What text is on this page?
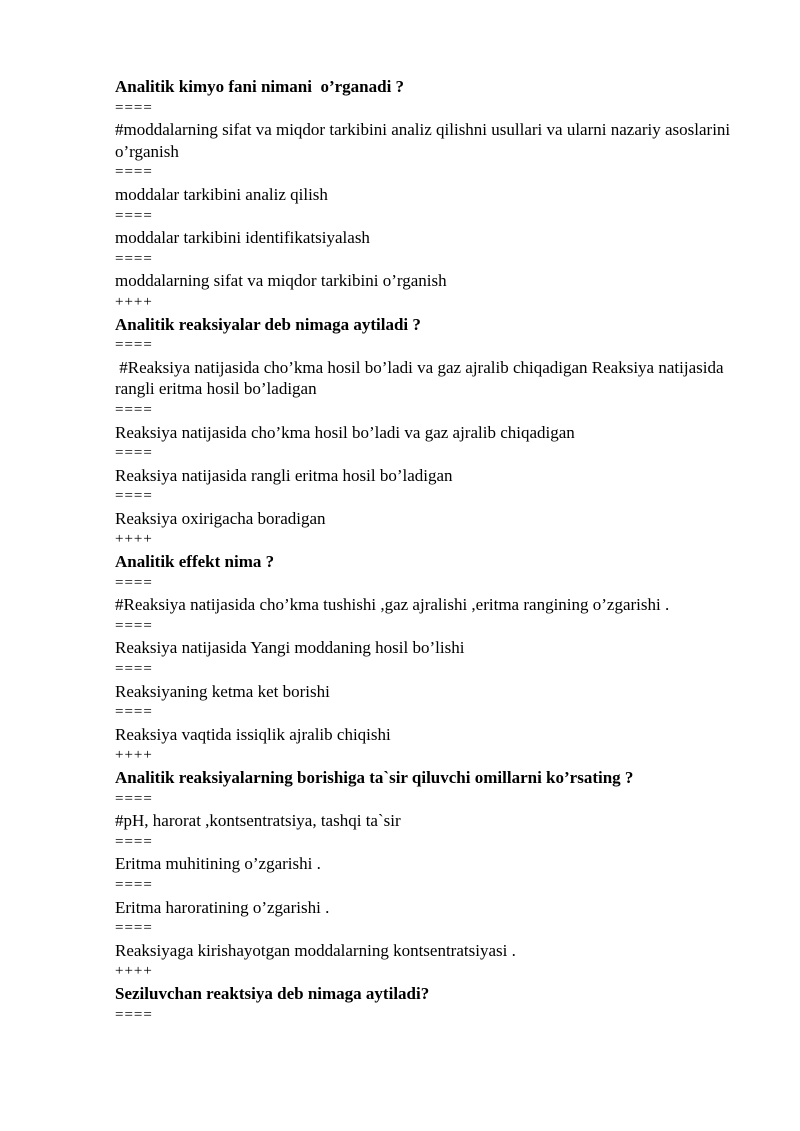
Analitik kimyo fani nimani  o’rganadi ?

====

#moddalarning sifat va miqdor tarkibini analiz qilishni usullari va ularni nazariy asoslarini o’rganish

====

moddalar tarkibini analiz qilish

====

moddalar tarkibini identifikatsiyalash

====

moddalarning sifat va miqdor tarkibini o’rganish

++++

Analitik reaksiyalar deb nimaga aytiladi ?

====

#Reaksiya natijasida cho’kma hosil bo’ladi va gaz ajralib chiqadigan Reaksiya natijasida rangli eritma hosil bo’ladigan

====

Reaksiya natijasida cho’kma hosil bo’ladi va gaz ajralib chiqadigan

====

Reaksiya natijasida rangli eritma hosil bo’ladigan

====

Reaksiya oxirigacha boradigan

++++

Analitik effekt nima ?

====

#Reaksiya natijasida cho’kma tushishi ,gaz ajralishi ,eritma rangining o’zgarishi .

====

Reaksiya natijasida Yangi moddaning hosil bo’lishi

====

Reaksiyaning ketma ket borishi

====

Reaksiya vaqtida issiqlik ajralib chiqishi

++++

Analitik reaksiyalarning borishiga ta`sir qiluvchi omillarni ko’rsating ?

====

#pH, harorat ,kontsentratsiya, tashqi ta`sir

====

Eritma muhitining o’zgarishi .

====

Eritma haroratining o’zgarishi .

====

Reaksiyaga kirishayotgan moddalarning kontsentratsiyasi .

++++

Seziluvchan reaktsiya deb nimaga aytiladi?

====
